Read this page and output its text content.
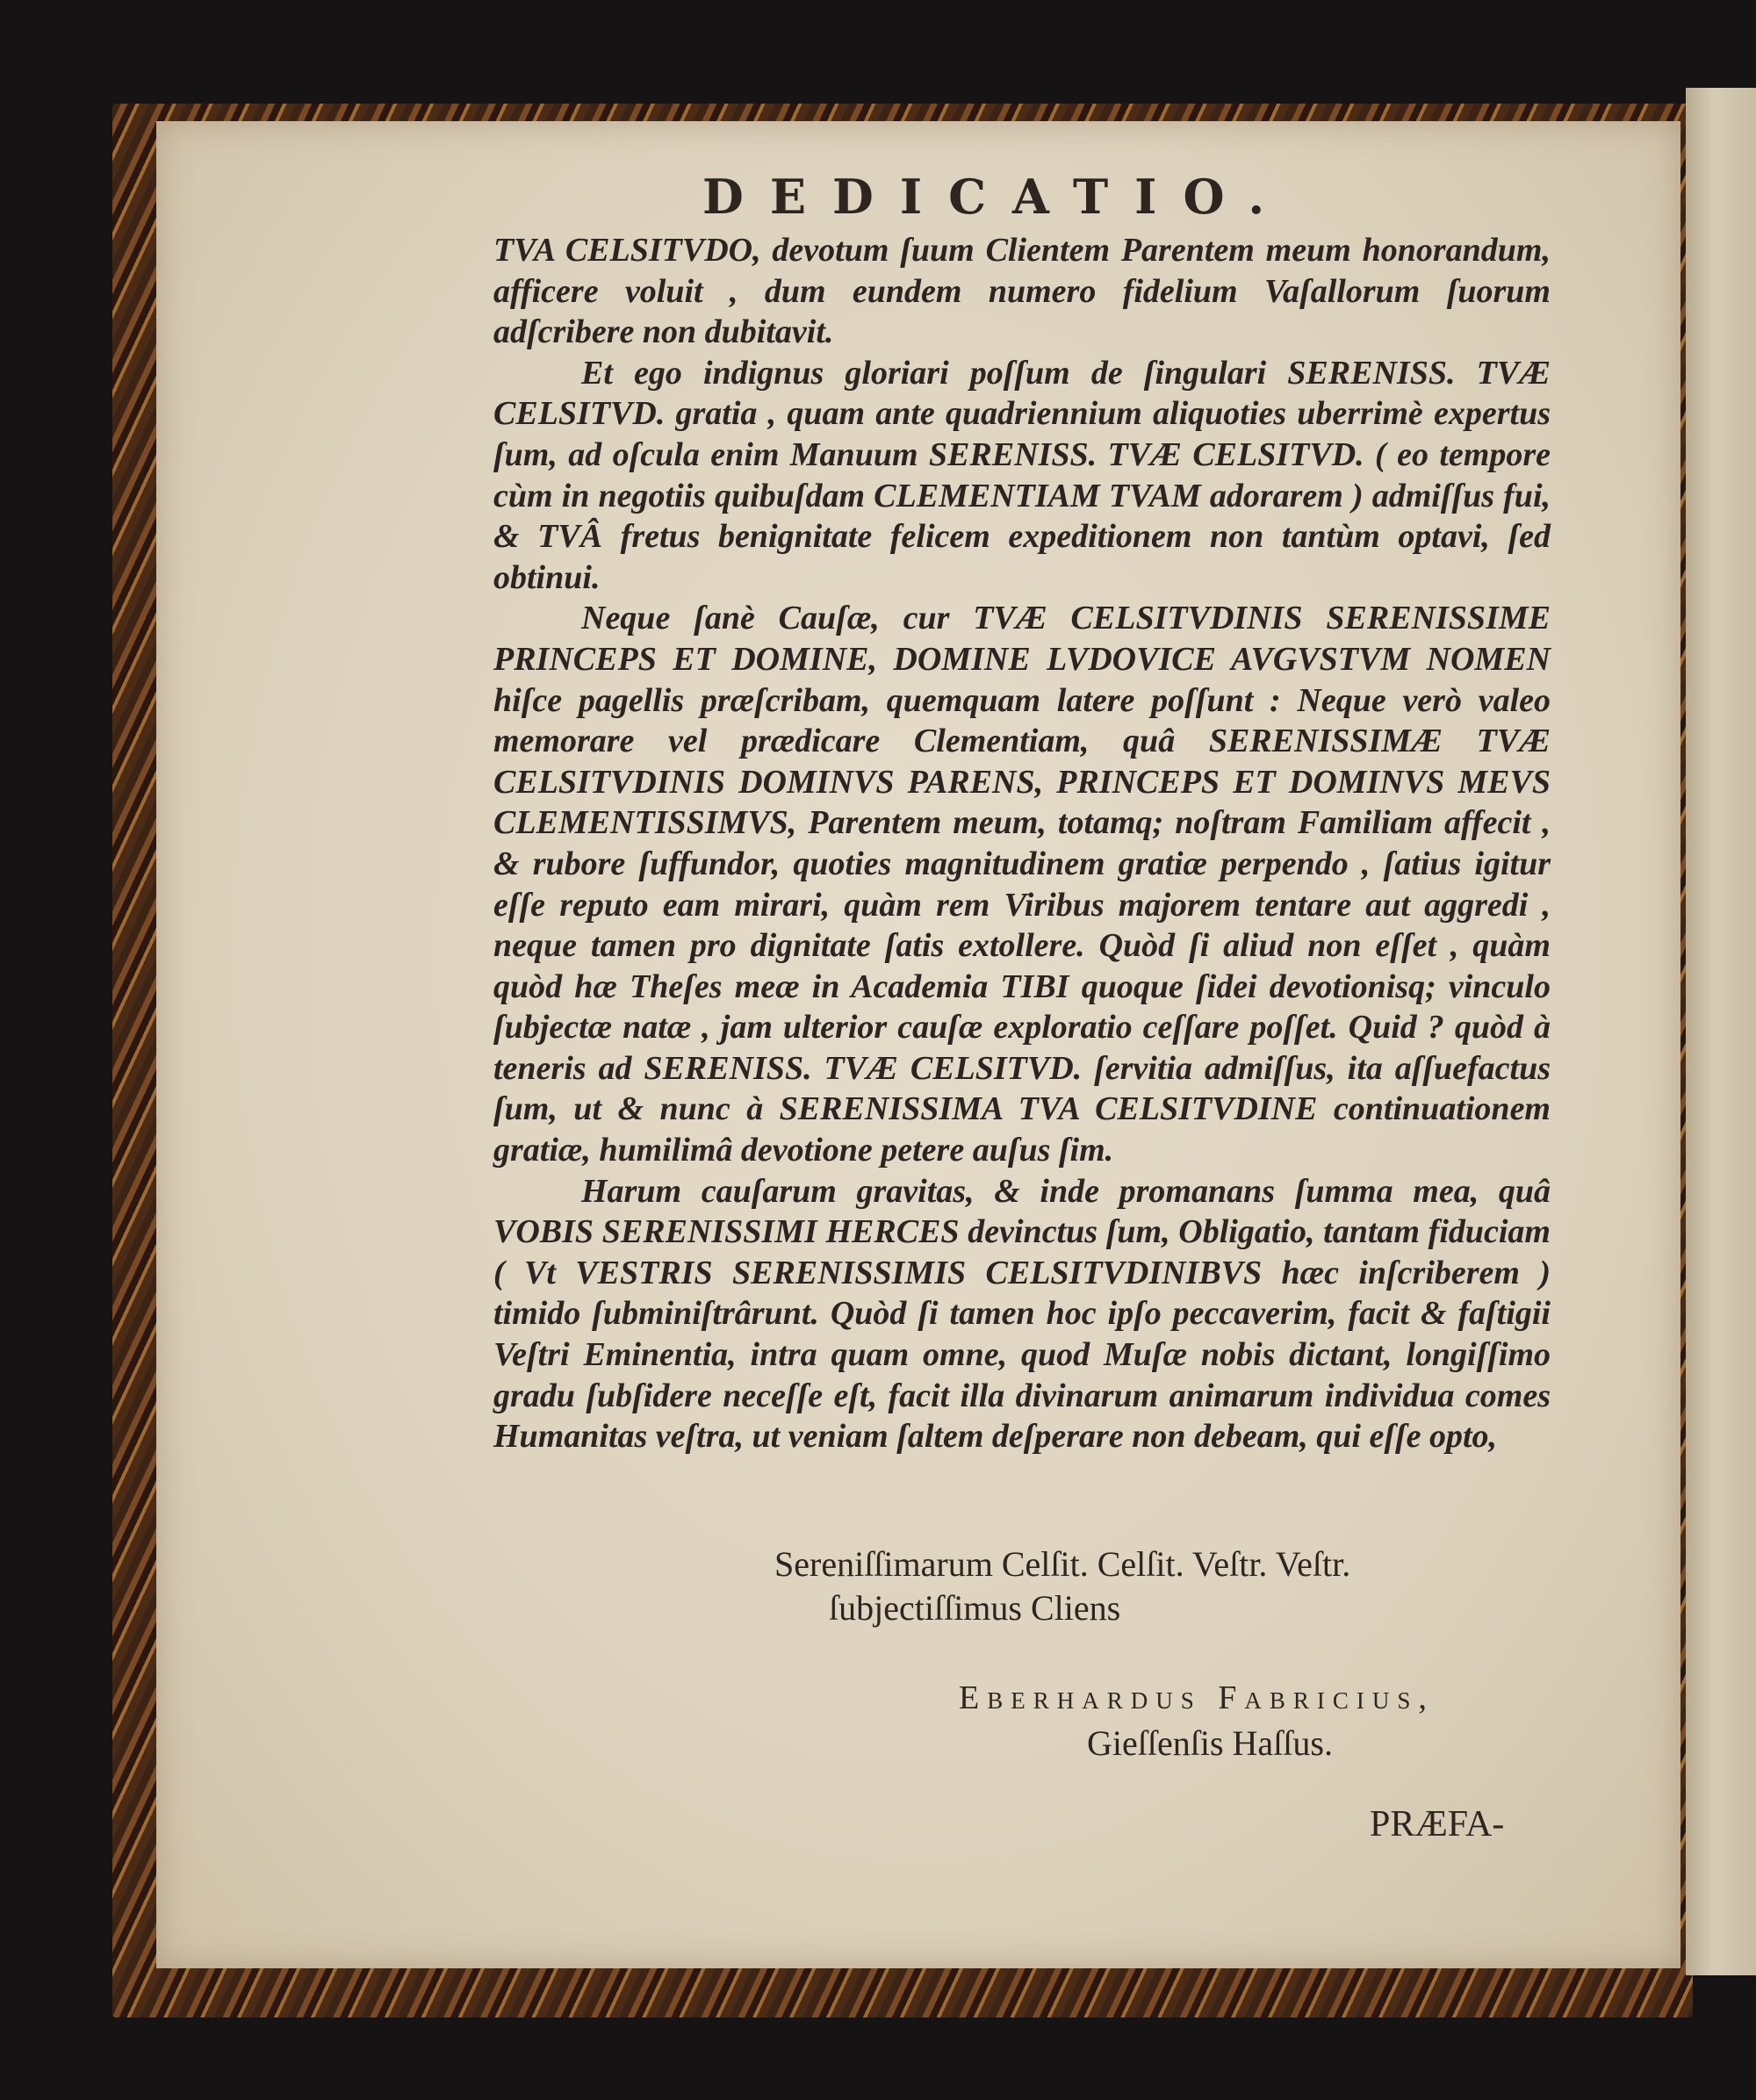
DEDICATIO.

TVA CELSITVDO, devotum ſuum Clientem Parentem meum honorandum, afficere voluit , dum eundem numero fidelium Vaſallorum ſuorum adſcribere non dubitavit.

Et ego indignus gloriari poſſum de ſingulari SERENISS. TVÆ CELSITVD. gratia , quam ante quadriennium aliquoties uberrimè expertus ſum, ad oſcula enim Manuum SERENISS. TVÆ CELSITVD. ( eo tempore cùm in negotiis quibuſdam CLEMENTIAM TVAM adorarem ) admiſſus fui, & TVÂ fretus benignitate felicem expeditionem non tantùm optavi, ſed obtinui.

Neque ſanè Cauſæ, cur TVÆ CELSITVDINIS SERENISSIME PRINCEPS ET DOMINE, DOMINE LVDOVICE AVGVSTVM NOMEN hiſce pagellis præſcribam, quemquam latere poſſunt : Neque verò valeo memorare vel prædicare Clementiam, quâ SERENISSIMÆ TVÆ CELSITVDINIS DOMINVS PARENS, PRINCEPS ET DOMINVS MEVS CLEMENTISSIMVS, Parentem meum, totamq; noſtram Familiam affecit , & rubore ſuffundor, quoties magnitudinem gratiæ perpendo , ſatius igitur eſſe reputo eam mirari, quàm rem Viribus majorem tentare aut aggredi , neque tamen pro dignitate ſatis extollere. Quòd ſi aliud non eſſet , quàm quòd hæ Theſes meæ in Academia TIBI quoque ſidei devotionisq; vinculo ſubjectæ natæ , jam ulterior cauſæ exploratio ceſſare poſſet. Quid ? quòd à teneris ad SERENISS. TVÆ CELSITVD. ſervitia admiſſus, ita aſſuefactus ſum, ut & nunc à SERENISSIMA TVA CELSITVDINE continuationem gratiæ, humilimâ devotione petere auſus ſim.

Harum cauſarum gravitas, & inde promanans ſumma mea, quâ VOBIS SERENISSIMI HERCES devinctus ſum, Obligatio, tantam fiduciam ( Vt VESTRIS SERENISSIMIS CELSITVDINIBVS hæc inſcriberem ) timido ſubminiſtrârunt. Quòd ſi tamen hoc ipſo peccaverim, facit & faſtigii Veſtri Eminentia, intra quam omne, quod Muſæ nobis dictant, longiſſimo gradu ſubſidere neceſſe eſt, facit illa divinarum animarum individua comes Humanitas veſtra, ut veniam ſaltem deſperare non debeam, qui eſſe opto,

Sereniſſimarum Celſit. Celſit. Veſtr. Veſtr.
ſubjectiſſimus Cliens
Eberhardus Fabricius,
Gieſſenſis Haſſus.
PRÆFA-
